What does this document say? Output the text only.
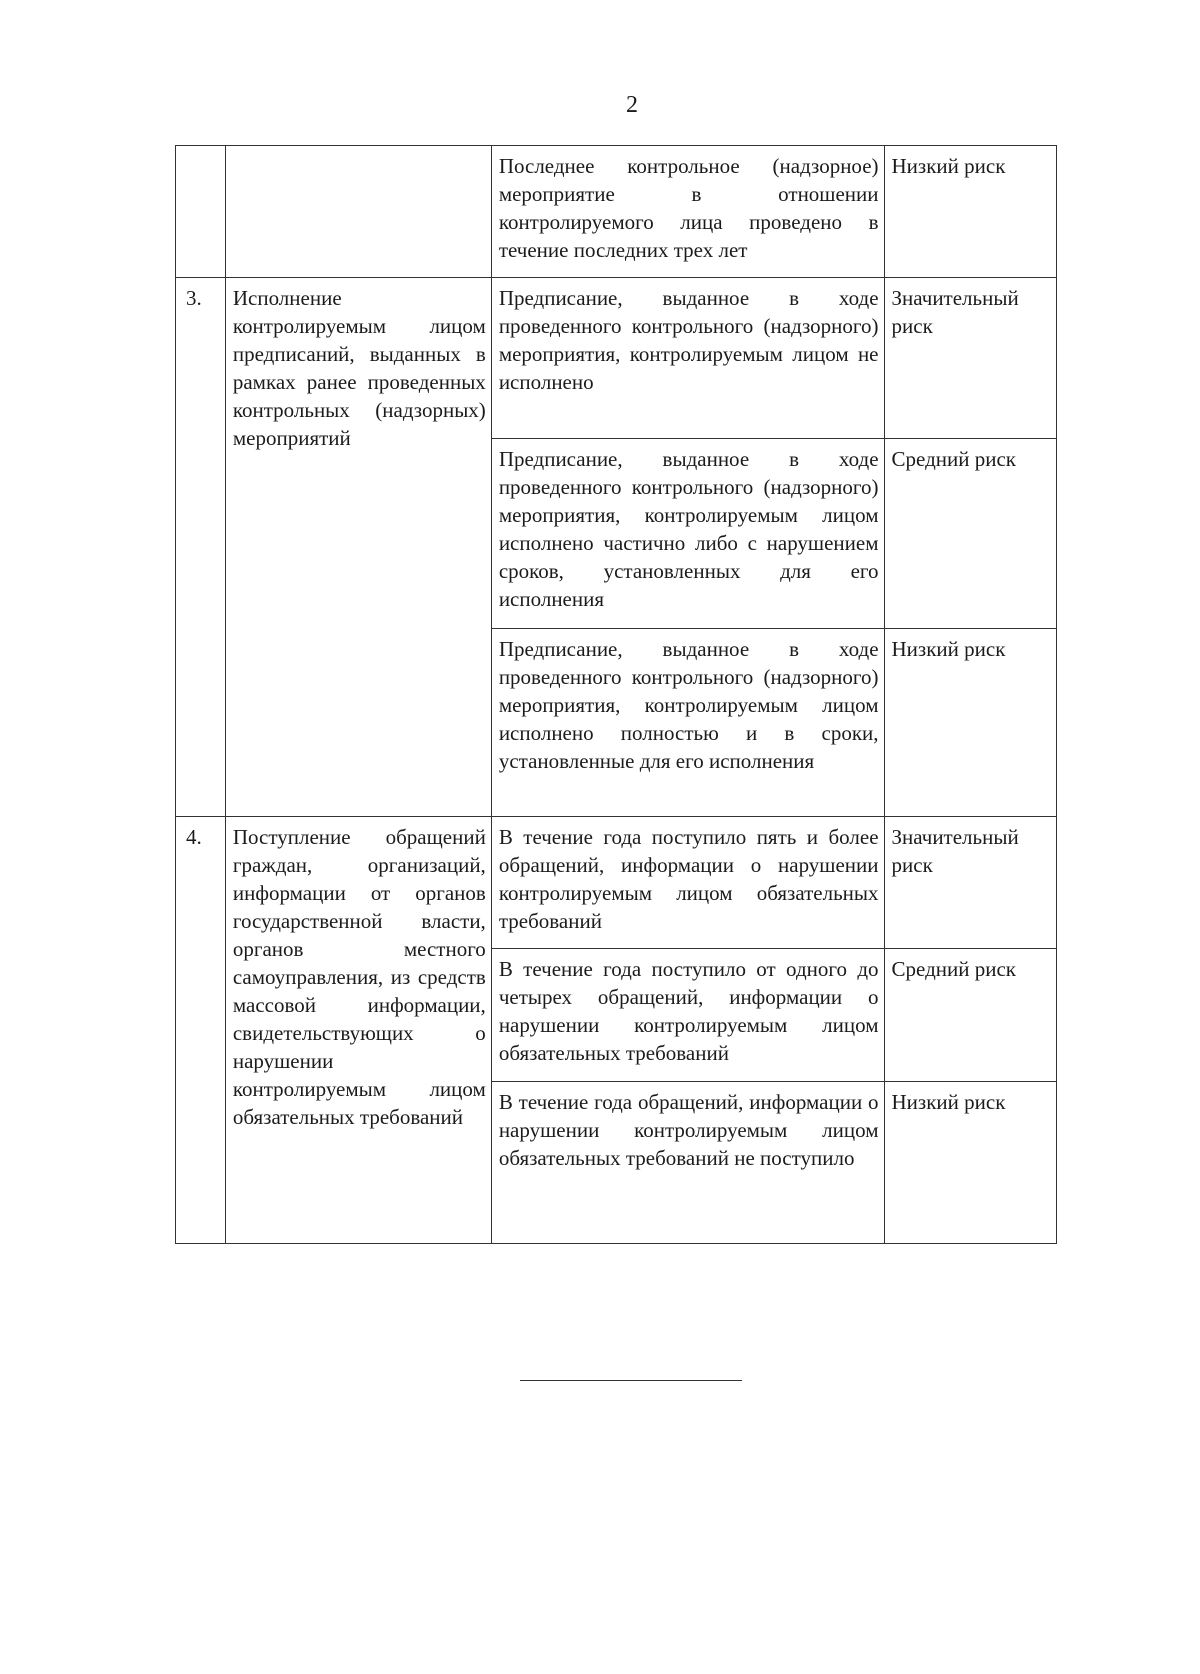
2
		Последнее контрольное (надзорное) мероприятие в отношении контролируемого лица проведено в течение последних трех лет	Низкий риск
3.	Исполнение контролируемым лицом предписаний, выданных в рамках ранее проведенных контрольных (надзорных) мероприятий	Предписание, выданное в ходе проведенного контрольного (надзорного) мероприятия, контролируемым лицом не исполнено	Значительный риск
		Предписание, выданное в ходе проведенного контрольного (надзорного) мероприятия, контролируемым лицом исполнено частично либо с нарушением сроков, установленных для его исполнения	Средний риск
		Предписание, выданное в ходе проведенного контрольного (надзорного) мероприятия, контролируемым лицом исполнено полностью и в сроки, установленные для его исполнения	Низкий риск
4.	Поступление обращений граждан, организаций, информации от органов государственной власти, органов местного самоуправления, из средств массовой информации, свидетельствующих о нарушении контролируемым лицом обязательных требований	В течение года поступило пять и более обращений, информации о нарушении контролируемым лицом обязательных требований	Значительный риск
		В течение года поступило от одного до четырех обращений, информации о нарушении контролируемым лицом обязательных требований	Средний риск
		В течение года обращений, информации о нарушении контролируемым лицом обязательных требований не поступило	Низкий риск
